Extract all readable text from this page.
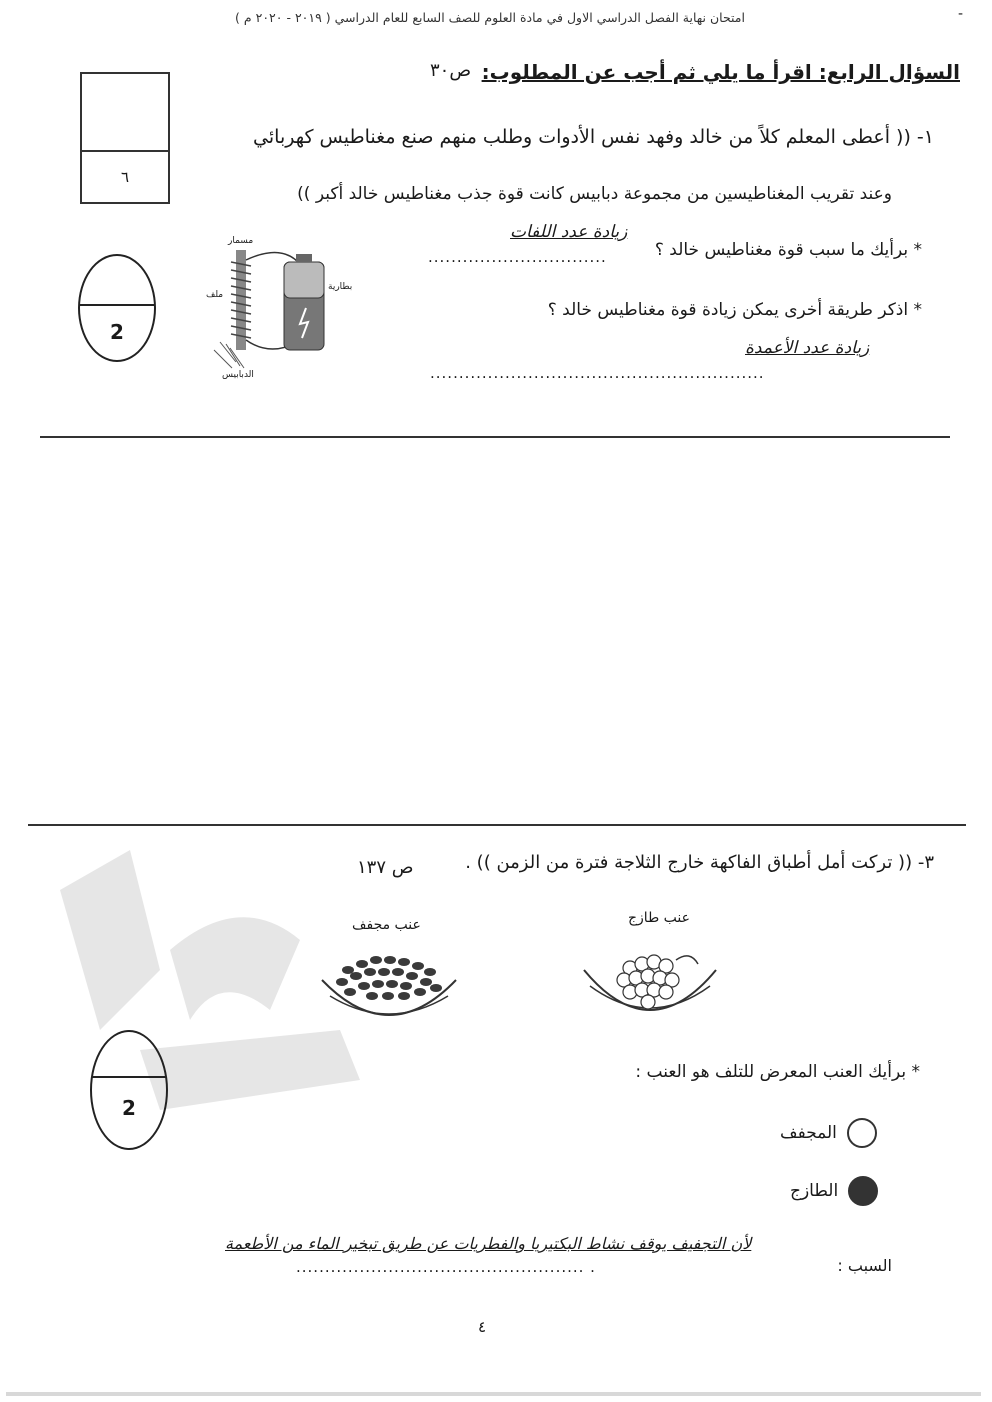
امتحان نهاية الفصل الدراسي الاول في مادة العلوم للصف السابع للعام الدراسي ( ٢٠١٩ - ٢٠٢٠ م )	-
السؤال الرابع: اقرأ ما يلي ثم أجب عن المطلوب:
ص٣٠
٦
١- (( أعطى المعلم كلاً من خالد وفهد نفس الأدوات وطلب منهم صنع مغناطيس كهربائي
وعند تقريب المغناطيسين من مجموعة دبابيس كانت قوة جذب مغناطيس خالد أكبر ))
زيادة عدد اللفات
* برأيك ما سبب قوة مغناطيس خالد ؟
...............................
* اذكر طريقة أخرى يمكن زيادة قوة مغناطيس خالد ؟
زيادة عدد الأعمدة
..........................................................
مسمار
ملف
بطارية
الدبابيس
2
٣- (( تركت أمل أطباق الفاكهة خارج الثلاجة فترة من الزمن )) .
ص ١٣٧
عنب طازج
عنب مجفف
2
* برأيك العنب المعرض للتلف هو العنب :
المجفف
الطازج
لأن التجفيف يوقف نشاط البكتيريا والفطريات عن طريق تبخير الماء من الأطعمة
السبب :
.................................................. .
٤
